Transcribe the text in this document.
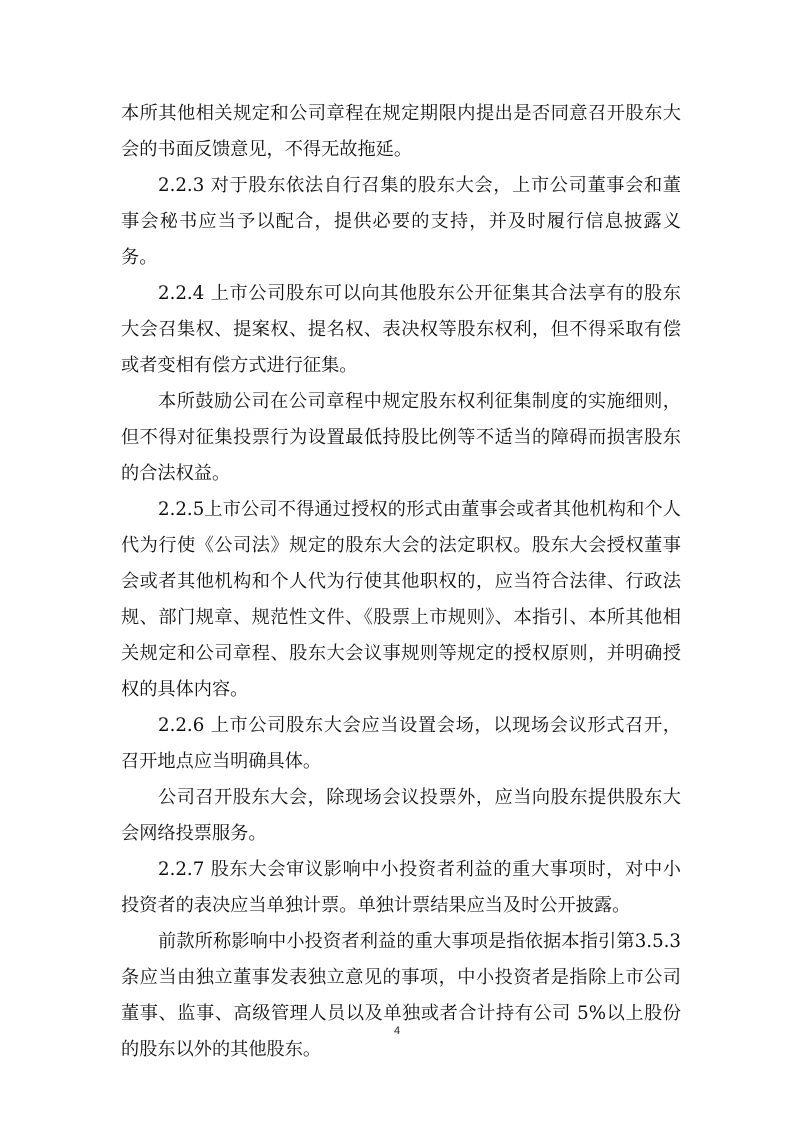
本所其他相关规定和公司章程在规定期限内提出是否同意召开股东大会的书面反馈意见，不得无故拖延。

2.2.3 对于股东依法自行召集的股东大会，上市公司董事会和董事会秘书应当予以配合，提供必要的支持，并及时履行信息披露义务。

2.2.4 上市公司股东可以向其他股东公开征集其合法享有的股东大会召集权、提案权、提名权、表决权等股东权利，但不得采取有偿或者变相有偿方式进行征集。

本所鼓励公司在公司章程中规定股东权利征集制度的实施细则，但不得对征集投票行为设置最低持股比例等不适当的障碍而损害股东的合法权益。

2.2.5上市公司不得通过授权的形式由董事会或者其他机构和个人代为行使《公司法》规定的股东大会的法定职权。股东大会授权董事会或者其他机构和个人代为行使其他职权的，应当符合法律、行政法规、部门规章、规范性文件、《股票上市规则》、本指引、本所其他相关规定和公司章程、股东大会议事规则等规定的授权原则，并明确授权的具体内容。

2.2.6 上市公司股东大会应当设置会场，以现场会议形式召开，召开地点应当明确具体。

公司召开股东大会，除现场会议投票外，应当向股东提供股东大会网络投票服务。

2.2.7 股东大会审议影响中小投资者利益的重大事项时，对中小投资者的表决应当单独计票。单独计票结果应当及时公开披露。

前款所称影响中小投资者利益的重大事项是指依据本指引第3.5.3条应当由独立董事发表独立意见的事项，中小投资者是指除上市公司董事、监事、高级管理人员以及单独或者合计持有公司 5%以上股份的股东以外的其他股东。

4
